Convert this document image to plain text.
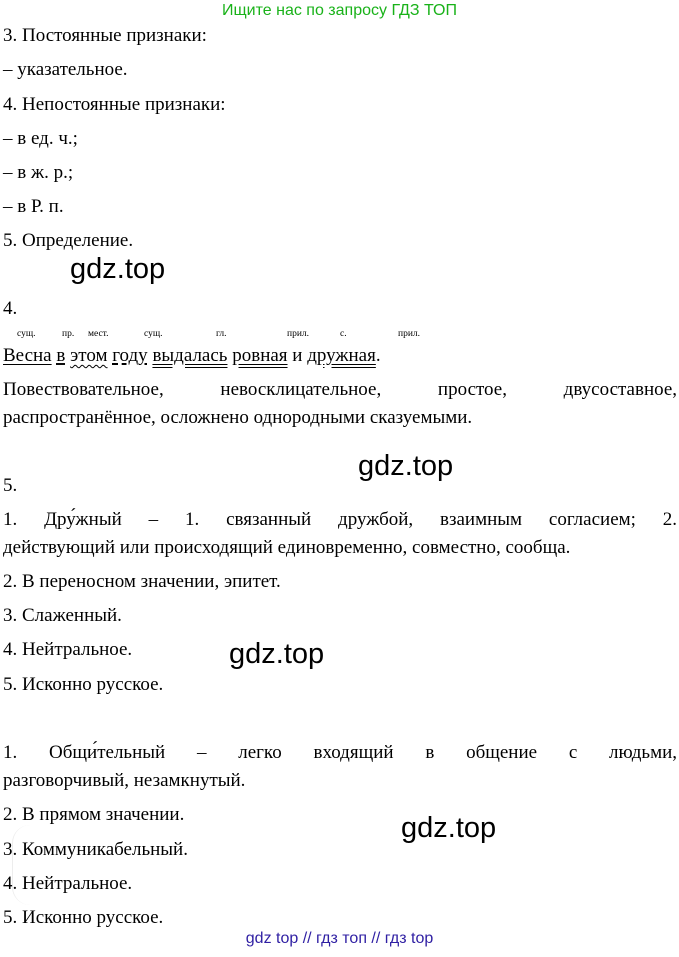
Ищите нас по запросу ГДЗ ТОП
3. Постоянные признаки:
– указательное.
4. Непостоянные признаки:
– в ед. ч.;
– в ж. р.;
– в Р. п.
5. Определение.
gdz.top
4.
сущ.	пр. мест.	сущ.	гл.	прил.	с.	прил.
Весна в этом году выдалась ровная и дружная.
Повествовательное,	невосклицательное,	простое,	двусоставное,
распространённое, осложнено однородными сказуемыми.
gdz.top
5.
1. Дру́жный – 1. связанный дружбой, взаимным согласием; 2.
действующий или происходящий единовременно, совместно, сообща.
2. В переносном значении, эпитет.
3. Слаженный.
4. Нейтральное.
5. Исконно русское.
gdz.top
1. Общи́тельный – легко входящий в общение с людьми,
разговорчивый, незамкнутый.
2. В прямом значении.
3. Коммуникабельный.
4. Нейтральное.
5. Исконно русское.
gdz.top
gdz top // гдз топ // гдз top
